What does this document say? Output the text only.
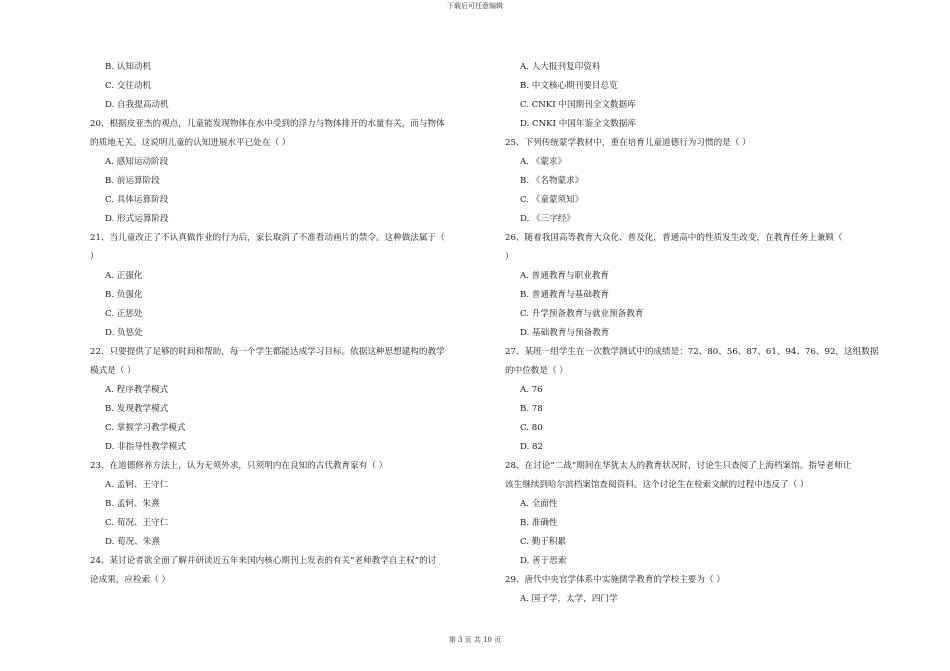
下载后可任意编辑
B. 认知动机
C. 交往动机
D. 自我提高动机
20、根据皮亚杰的观点，儿童能发现物体在水中受到的浮力与物体排开的水量有关，而与物体
的质地无关。这说明儿童的认知进展水平已处在（ ）
A. 感知运动阶段
B. 前运算阶段
C. 具体运算阶段
D. 形式运算阶段
21、当儿童改正了不认真做作业的行为后，家长取消了不准看动画片的禁令。这种做法属于（
）
A. 正强化
B. 负强化
C. 正惩处
D. 负惩处
22、只要提供了足够的时间和帮助，每一个学生都能达成学习目标。依据这种思想建构的教学
模式是（ ）
A. 程序教学模式
B. 发现教学模式
C. 掌握学习教学模式
D. 非指导性教学模式
23、在道德修养方法上，认为无须外求，只须明内在良知的古代教育家有（ ）
A. 孟轲、王守仁
B. 孟轲、朱熹
C. 荀况、王守仁
D. 荀况、朱熹
24、某讨论者欲全面了解并研读近五年来国内核心期刊上发表的有关“老师教学自主权”的讨
论成果，应检索（ ）
A. 人大报刊复印资料
B. 中文核心期刊要目总览
C. CNKI 中国期刊全文数据库
D. CNKI 中国年鉴全文数据库
25、下列传统蒙学教材中，重在培育儿童道德行为习惯的是（ ）
A. 《蒙求》
B. 《名物蒙求》
C. 《童蒙须知》
D. 《三字经》
26、随着我国高等教育大众化、普及化，普通高中的性质发生改变，在教育任务上兼顾（
）
A. 普通教育与职业教育
B. 普通教育与基础教育
C. 升学预备教育与就业预备教育
D. 基础教育与预备教育
27、某班一组学生在一次数学测试中的成绩是：72、80、56、87、61、94、76、92，这组数据
的中位数是（ ）
A. 76
B. 78
C. 80
D. 82
28、在讨论“二战”期间在华犹太人的教育状况时，讨论生只查阅了上海档案馆。指导老师让
该生继续到哈尔滨档案馆查阅资料。这个讨论生在检索文献的过程中违反了（ ）
A. 全面性
B. 准确性
C. 勤于积累
D. 善于思索
29、唐代中央官学体系中实施儒学教育的学校主要为（ ）
A. 国子学，太学，四门学
第 3 页 共 10 页
